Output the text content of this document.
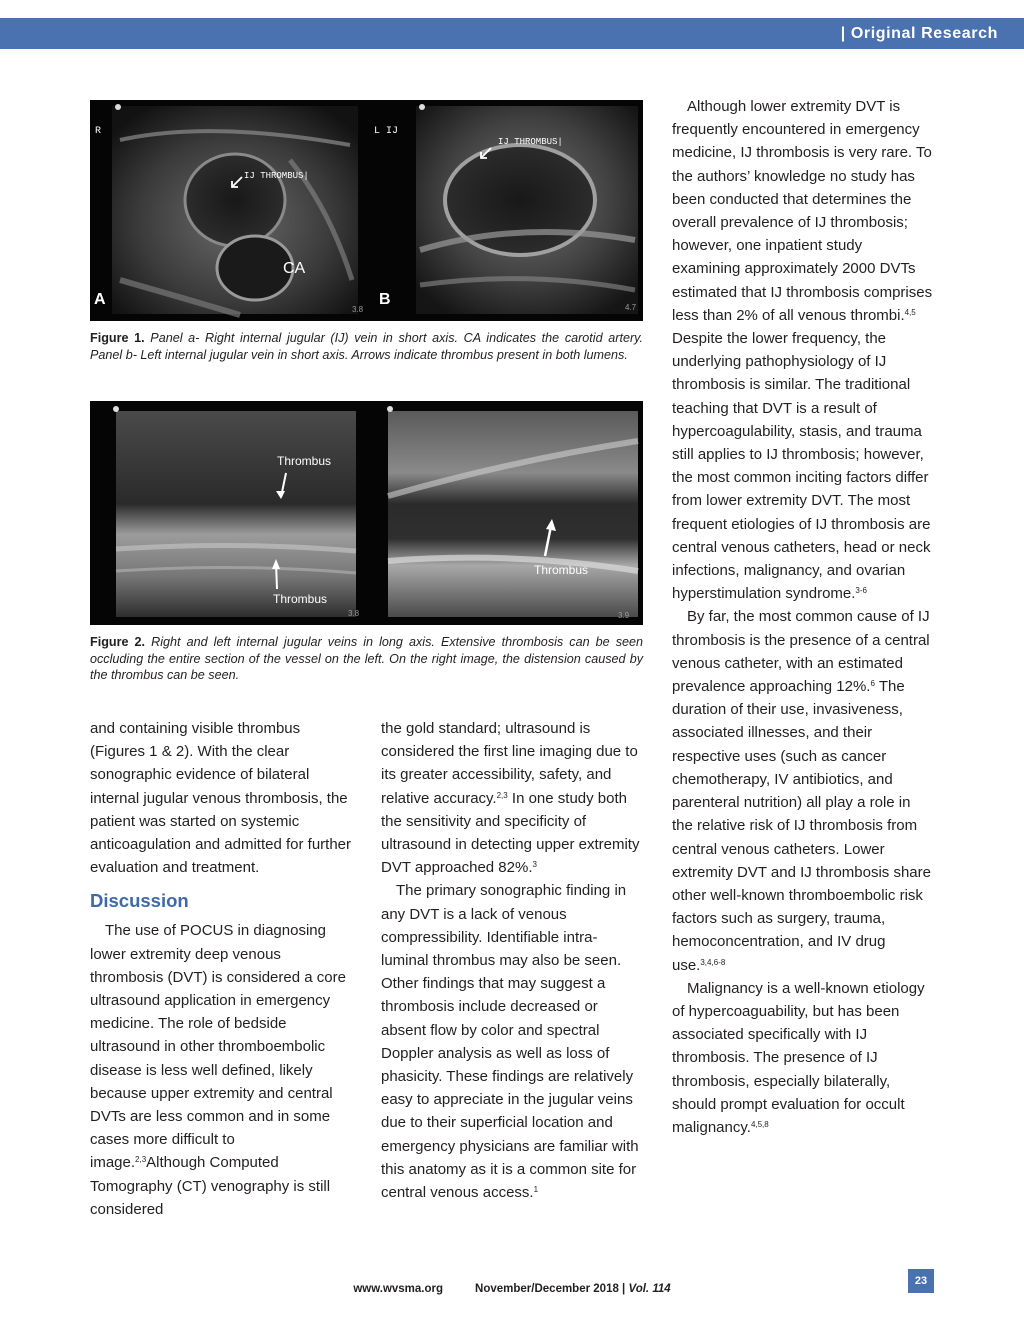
| Original Research
R
IJ THROMBUS|
CA
A
3.8
L IJ
IJ THROMBUS|
B	4.7
Figure 1. Panel a- Right internal jugular (IJ) vein in short axis. CA indicates the carotid artery. Panel b- Left internal jugular vein in short axis. Arrows indicate thrombus present in both lumens.
Thrombus
Thrombus
3.8
Thrombus
3.9
Figure 2. Right and left internal jugular veins in long axis. Extensive thrombosis can be seen occluding the entire section of the vessel on the left. On the right image, the distension caused by the thrombus can be seen.

and containing visible thrombus (Figures 1 & 2). With the clear sonographic evidence of bilateral internal jugular venous thrombosis, the patient was started on systemic anticoagulation and admitted for further evaluation and treatment.

Discussion

The use of POCUS in diagnosing lower extremity deep venous thrombosis (DVT) is considered a core ultrasound application in emergency medicine. The role of bedside ultrasound in other thromboembolic disease is less well defined, likely because upper extremity and central DVTs are less common and in some cases more difficult to image.$^{2,3}$Although Computed Tomography (CT) venography is still considered

the gold standard; ultrasound is considered the first line imaging due to its greater accessibility, safety, and relative accuracy.$^{2,3}$ In one study both the sensitivity and specificity of ultrasound in detecting upper extremity DVT approached 82%.$^3$

The primary sonographic finding in any DVT is a lack of venous compressibility. Identifiable intra-luminal thrombus may also be seen. Other findings that may suggest a thrombosis include decreased or absent flow by color and spectral Doppler analysis as well as loss of phasicity. These findings are relatively easy to appreciate in the jugular veins due to their superficial location and emergency physicians are familiar with this anatomy as it is a common site for central venous access.$^1$

Although lower extremity DVT is frequently encountered in emergency medicine, IJ thrombosis is very rare. To the authors’ knowledge no study has been conducted that determines the overall prevalence of IJ thrombosis; however, one inpatient study examining approximately 2000 DVTs estimated that IJ thrombosis comprises less than 2% of all venous thrombi.$^{4,5}$ Despite the lower frequency, the underlying pathophysiology of IJ thrombosis is similar. The traditional teaching that DVT is a result of hypercoagulability, stasis, and trauma still applies to IJ thrombosis; however, the most common inciting factors differ from lower extremity DVT. The most frequent etiologies of IJ thrombosis are central venous catheters, head or neck infections, malignancy, and ovarian hyperstimulation syndrome.$^{3-6}$

By far, the most common cause of IJ thrombosis is the presence of a central venous catheter, with an estimated prevalence approaching 12%.$^6$ The duration of their use, invasiveness, associated illnesses, and their respective uses (such as cancer chemotherapy, IV antibiotics, and parenteral nutrition) all play a role in the relative risk of IJ thrombosis from central venous catheters. Lower extremity DVT and IJ thrombosis share other well-known thromboembolic risk factors such as surgery, trauma, hemoconcentration, and IV drug use.$^{3,4,6-8}$

Malignancy is a well-known etiology of hypercoaguability, but has been associated specifically with IJ thrombosis. The presence of IJ thrombosis, especially bilaterally, should prompt evaluation for occult malignancy.$^{4,5,8}$

www.wvsma.org	November/December 2018 | Vol. 114
23
